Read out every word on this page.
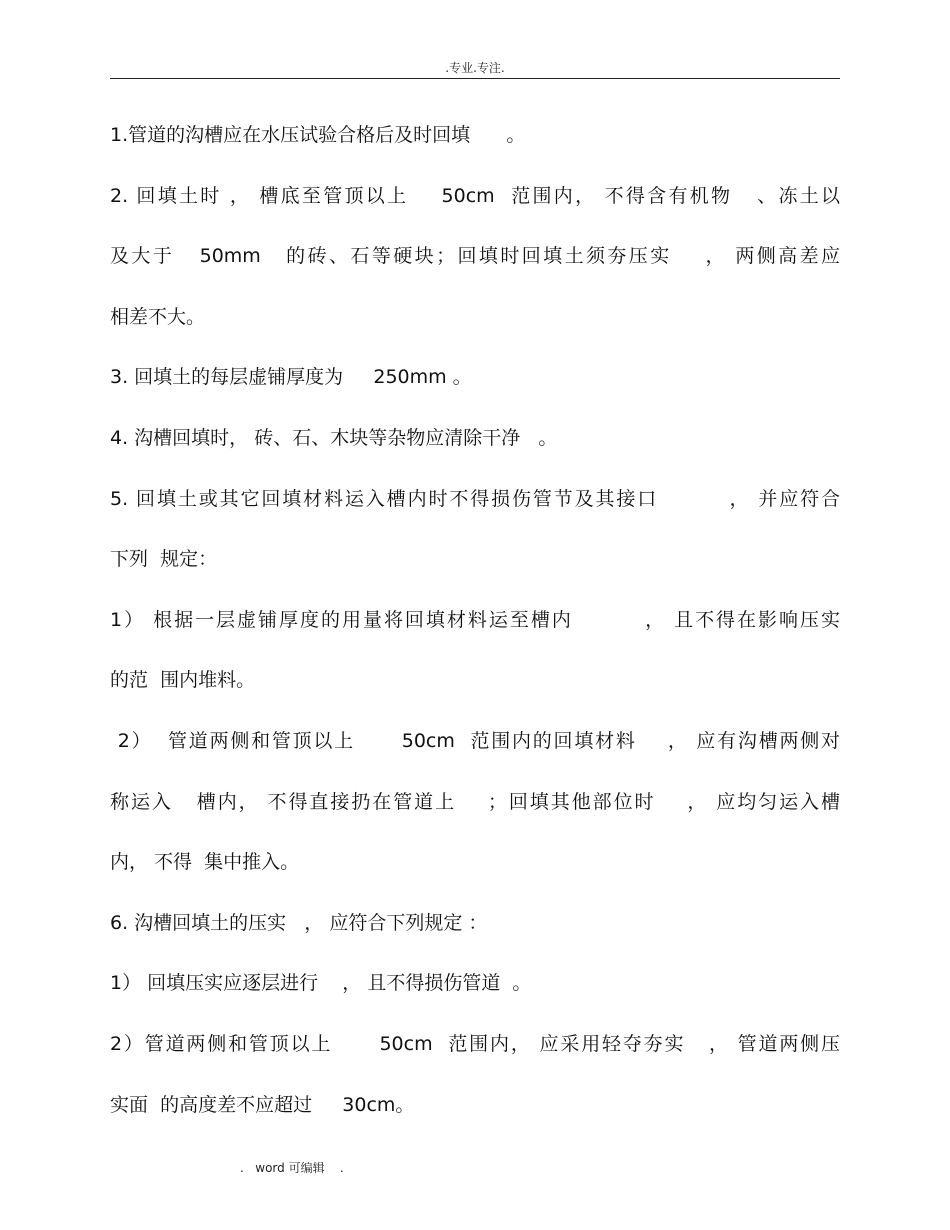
.专业.专注.
1.管道的沟槽应在水压试验合格后及时回填      。
2. 回填土时 ， 槽底至管顶以上    50cm  范围内， 不得含有机物   、冻土以
及大于   50mm   的砖、石等硬块；回填时回填土须夯压实    ， 两侧高差应
相差不大。
3. 回填土的每层虚铺厚度为     250mm 。
4. 沟槽回填时， 砖、石、木块等杂物应清除干净   。
5. 回填土或其它回填材料运入槽内时不得损伤管节及其接口         ， 并应符合
下列  规定：
1） 根据一层虚铺厚度的用量将回填材料运至槽内         ， 且不得在影响压实
的范  围内堆料。
2）  管道两侧和管顶以上      50cm  范围内的回填材料    ， 应有沟槽两侧对
称运入   槽内， 不得直接扔在管道上    ；回填其他部位时    ， 应均匀运入槽
内， 不得  集中推入。
6. 沟槽回填土的压实   ， 应符合下列规定 ：
1） 回填压实应逐层进行    ， 且不得损伤管道  。
2）管道两侧和管顶以上      50cm  范围内， 应采用轻夺夯实   ， 管道两侧压
实面  的高度差不应超过     30cm。
.   word 可编辑    .
